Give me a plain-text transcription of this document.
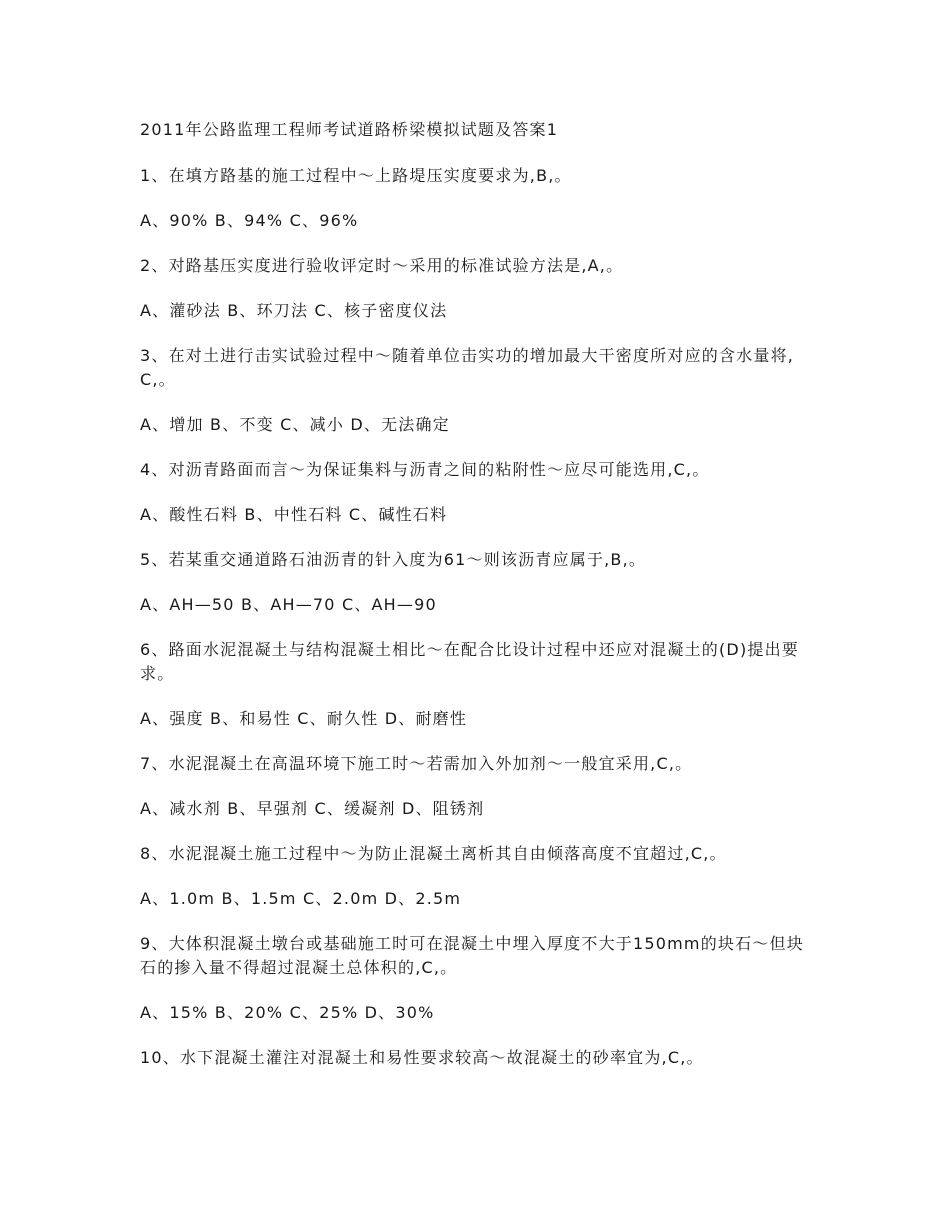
2011年公路监理工程师考试道路桥梁模拟试题及答案1

1、在填方路基的施工过程中～上路堤压实度要求为,B,。

A、90% B、94% C、96%

2、对路基压实度进行验收评定时～采用的标准试验方法是,A,。

A、灌砂法 B、环刀法 C、核子密度仪法

3、在对土进行击实试验过程中～随着单位击实功的增加最大干密度所对应的含水量将,C,。

A、增加 B、不变 C、减小 D、无法确定

4、对沥青路面而言～为保证集料与沥青之间的粘附性～应尽可能选用,C,。

A、酸性石料 B、中性石料 C、碱性石料

5、若某重交通道路石油沥青的针入度为61～则该沥青应属于,B,。

A、AH—50 B、AH—70 C、AH—90

6、路面水泥混凝土与结构混凝土相比～在配合比设计过程中还应对混凝土的(D)提出要求。

A、强度 B、和易性 C、耐久性 D、耐磨性

7、水泥混凝土在高温环境下施工时～若需加入外加剂～一般宜采用,C,。

A、减水剂 B、早强剂 C、缓凝剂 D、阻锈剂

8、水泥混凝土施工过程中～为防止混凝土离析其自由倾落高度不宜超过,C,。

A、1.0m B、1.5m C、2.0m D、2.5m

9、大体积混凝土墩台或基础施工时可在混凝土中埋入厚度不大于150mm的块石～但块石的掺入量不得超过混凝土总体积的,C,。

A、15% B、20% C、25% D、30%

10、水下混凝土灌注对混凝土和易性要求较高～故混凝土的砂率宜为,C,。
